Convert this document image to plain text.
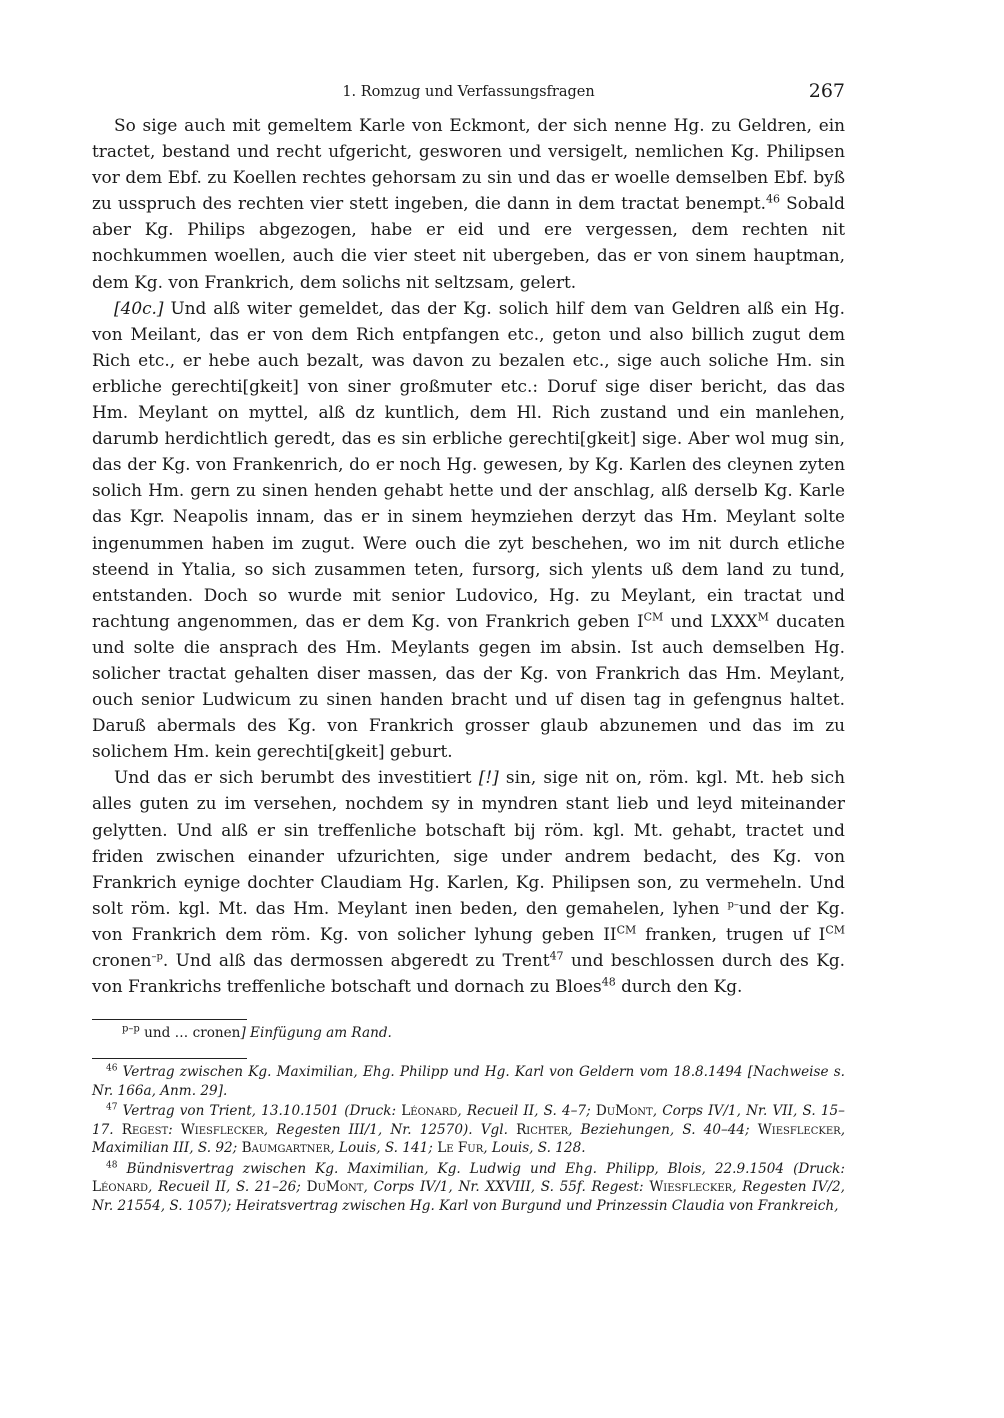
1. Romzug und Verfassungsfragen	267

So sige auch mit gemeltem Karle von Eckmont, der sich nenne Hg. zu Geldren, ein tractet, bestand und recht ufgericht, gesworen und versigelt, nemlichen Kg. Philipsen vor dem Ebf. zu Koellen rechtes gehorsam zu sin und das er woelle demselben Ebf. byß zu usspruch des rechten vier stett ingeben, die dann in dem tractat benempt.$^{46}$ Sobald aber Kg. Philips abgezogen, habe er eid und ere vergessen, dem rechten nit nochkummen woellen, auch die vier steet nit ubergeben, das er von sinem hauptman, dem Kg. von Frankrich, dem solichs nit seltzsam, gelert.

[40c.] Und alß witer gemeldet, das der Kg. solich hilf dem van Geldren alß ein Hg. von Meilant, das er von dem Rich entpfangen etc., geton und also billich zugut dem Rich etc., er hebe auch bezalt, was davon zu bezalen etc., sige auch soliche Hm. sin erbliche gerechti[gkeit] von siner großmuter etc.: Doruf sige diser bericht, das das Hm. Meylant on myttel, alß dz kuntlich, dem Hl. Rich zustand und ein manlehen, darumb herdichtlich geredt, das es sin erbliche gerechti[gkeit] sige. Aber wol mug sin, das der Kg. von Frankenrich, do er noch Hg. gewesen, by Kg. Karlen des cleynen zyten solich Hm. gern zu sinen henden gehabt hette und der anschlag, alß derselb Kg. Karle das Kgr. Neapolis innam, das er in sinem heymziehen derzyt das Hm. Meylant solte ingenummen haben im zugut. Were ouch die zyt beschehen, wo im nit durch etliche steend in Ytalia, so sich zusammen teten, fursorg, sich ylents uß dem land zu tund, entstanden. Doch so wurde mit senior Ludovico, Hg. zu Meylant, ein tractat und rachtung angenommen, das er dem Kg. von Frankrich geben $I^{CM}$ und $LXXX^M$ ducaten und solte die ansprach des Hm. Meylants gegen im absin. Ist auch demselben Hg. solicher tractat gehalten diser massen, das der Kg. von Frankrich das Hm. Meylant, ouch senior Ludwicum zu sinen handen bracht und uf disen tag in gefengnus haltet. Daruß abermals des Kg. von Frankrich grosser glaub abzunemen und das im zu solichem Hm. kein gerechti[gkeit] geburt.

Und das er sich berumbt des investitiert [!] sin, sige nit on, röm. kgl. Mt. heb sich alles guten zu im versehen, nochdem sy in myndren stant lieb und leyd miteinander gelytten. Und alß er sin treffenliche botschaft bij röm. kgl. Mt. gehabt, tractet und friden zwischen einander ufzurichten, sige under andrem bedacht, des Kg. von Frankrich eynige dochter Claudiam Hg. Karlen, Kg. Philipsen son, zu vermeheln. Und solt röm. kgl. Mt. das Hm. Meylant inen beden, den gemahelen, lyhen $^{p-}$und der Kg. von Frankrich dem röm. Kg. von solicher lyhung geben $II^{CM}$ franken, trugen uf $I^{CM}$ cronen$^{-p}$. Und alß das dermossen abgeredt zu Trent$^{47}$ und beschlossen durch des Kg. von Frankrichs treffenliche botschaft und dornach zu Bloes$^{48}$ durch den Kg.

$^{p-p}$ und … cronen] Einfügung am Rand.

$^{46}$ Vertrag zwischen Kg. Maximilian, Ehg. Philipp und Hg. Karl von Geldern vom 18.8.1494 [Nachweise s. Nr. 166a, Anm. 29].

$^{47}$ Vertrag von Trient, 13.10.1501 (Druck: Léonard, Recueil II, S. 4–7; DuMont, Corps IV/1, Nr. VII, S. 15–17. Regest: Wiesflecker, Regesten III/1, Nr. 12570). Vgl. Richter, Beziehungen, S. 40–44; Wiesflecker, Maximilian III, S. 92; Baumgartner, Louis, S. 141; Le Fur, Louis, S. 128.

$^{48}$ Bündnisvertrag zwischen Kg. Maximilian, Kg. Ludwig und Ehg. Philipp, Blois, 22.9.1504 (Druck: Léonard, Recueil II, S. 21–26; DuMont, Corps IV/1, Nr. XXVIII, S. 55f. Regest: Wiesflecker, Regesten IV/2, Nr. 21554, S. 1057); Heiratsvertrag zwischen Hg. Karl von Burgund und Prinzessin Claudia von Frankreich,
